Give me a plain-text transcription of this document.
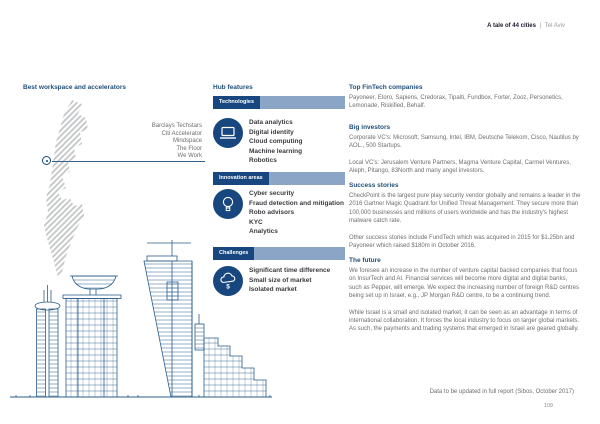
A tale of 44 cities | Tel Aviv
Best workspace and accelerators
Barclays Techstars
Citi Accelerator
Mindspace
The Floor
We Work
Hub features
Technologies
Data analytics
Digital identity
Cloud computing
Machine learning
Robotics
Innovation areas
Cyber security
Fraud detection and mitigation
Robo advisors
KYC
Analytics
Challenges
$
Significant time difference
Small size of market
Isolated market
Top FinTech companies

Payoneer, Etoro, Sapiens, Credorax, Tipalti, Fundbox, Forter, Zooz, Personetics, Lemonade, Riskified, Behalf.

Big investors

Corporate VC's: Microsoft, Samsung, Intel, IBM, Deutsche Telekom, Cisco, Nautilus by AOL., 500 Startups.

Local VC's: Jerusalem Venture Partners, Magma Venture Capital, Carmel Ventures, Aleph, Pitango, 83North and many angel investors.

Success stories

CheckPoint is the largest pure play security vendor globally and remains a leader in the 2016 Gartner Magic Quadrant for Unified Threat Management. They secure more than 100,000 businesses and millions of users worldwide and has the industry's highest malware catch rate.

Other success stories include FundTech which was acquired in 2015 for $1.25bn and Payoneer which raised $180m in October 2016.

The future

We foresee an increase in the number of venture capital backed companies that focus on InsurTech and AI. Financial services will become more digital and digital banks, such as Pepper, will emerge. We expect the increasing number of foreign R&D centres being set up in Israel, e.g., JP Morgan R&D centre, to be a continuing trend.

While Israel is a small and isolated market, it can be seen as an advantage in terms of international collaboration. It forces the local industry to focus on larger global markets. As such, the payments and trading systems that emerged in Israel are geared globally.

Data to be updated in full report (Sibos, October 2017)
109
